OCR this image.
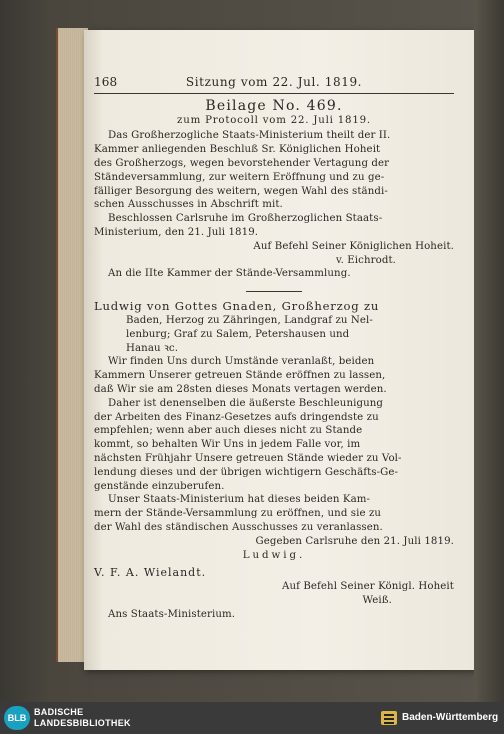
168	Sitzung vom 22. Jul. 1819.
Beilage No. 469.
zum Protocoll vom 22. Juli 1819.
Das Großherzogliche Staats-Ministerium theilt der II.
Kammer anliegenden Beschluß Sr. Königlichen Hoheit
des Großherzogs, wegen bevorstehender Vertagung der
Ständeversammlung, zur weitern Eröffnung und zu ge-
fälliger Besorgung des weitern, wegen Wahl des ständi-
schen Ausschusses in Abschrift mit.
Beschlossen Carlsruhe im Großherzoglichen Staats-
Ministerium, den 21. Juli 1819.
Auf Befehl Seiner Königlichen Hoheit.
v. Eichrodt.
An die IIte Kammer der Stände-Versammlung.
Ludwig von Gottes Gnaden, Großherzog zu
Baden, Herzog zu Zähringen, Landgraf zu Nel-
lenburg; Graf zu Salem, Petershausen und
Hanau ꝛc.
Wir finden Uns durch Umstände veranlaßt, beiden
Kammern Unserer getreuen Stände eröffnen zu lassen,
daß Wir sie am 28sten dieses Monats vertagen werden.
Daher ist denenselben die äußerste Beschleunigung
der Arbeiten des Finanz-Gesetzes aufs dringendste zu
empfehlen; wenn aber auch dieses nicht zu Stande
kommt, so behalten Wir Uns in jedem Falle vor, im
nächsten Frühjahr Unsere getreuen Stände wieder zu Vol-
lendung dieses und der übrigen wichtigern Geschäfts-Ge-
genstände einzuberufen.
Unser Staats-Ministerium hat dieses beiden Kam-
mern der Stände-Versammlung zu eröffnen, und sie zu
der Wahl des ständischen Ausschusses zu veranlassen.
Gegeben Carlsruhe den 21. Juli 1819.
Ludwig.
V. F. A. Wielandt.
Auf Befehl Seiner Königl. Hoheit
Weiß.
Ans Staats-Ministerium.
BLB
BADISCHE
LANDESBIBLIOTHEK	Baden-Württemberg
